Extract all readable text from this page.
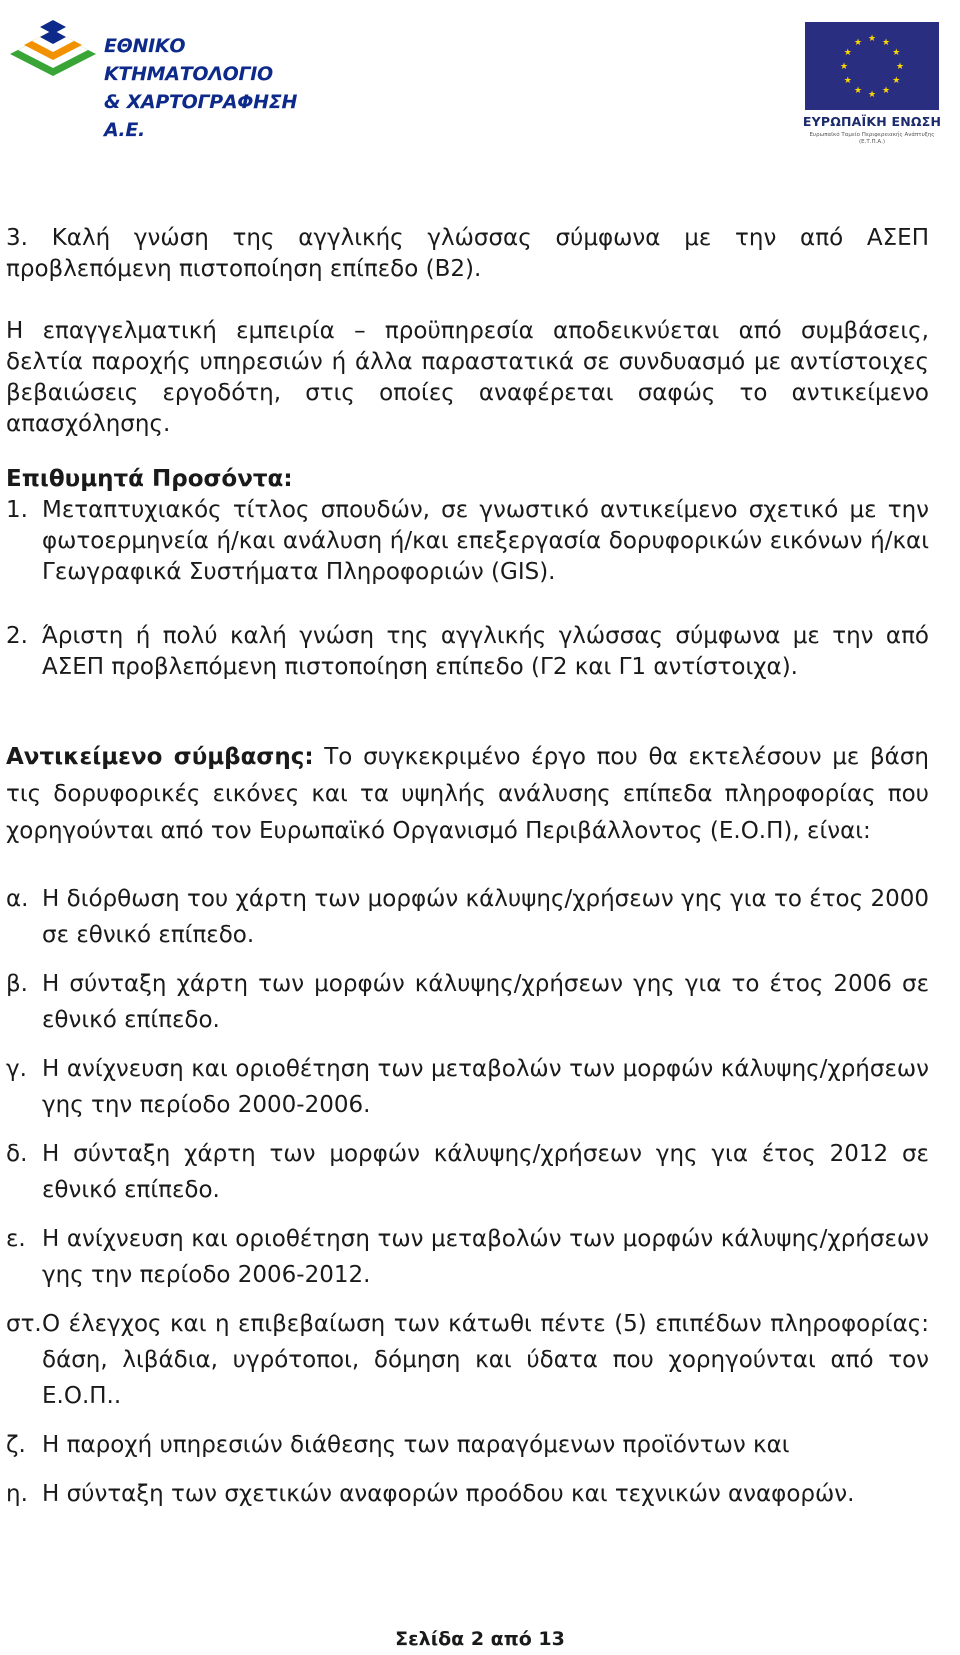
ΕΘΝΙΚΟ ΚΤΗΜΑΤΟΛΟΓΙΟ
& ΧΑΡΤΟΓΡΑΦΗΣΗ Α.Ε.
★ ★
★
★
★
★
★
★
★
★
★
★
ΕΥΡΩΠΑΪΚΗ ΕΝΩΣΗ
Ευρωπαϊκό Ταμείο Περιφερειακής Ανάπτυξης (Ε.Τ.Π.Α.)

3. Καλή γνώση της αγγλικής γλώσσας σύμφωνα με την από ΑΣΕΠ προβλεπόμενη πιστοποίηση επίπεδο (Β2).

Η επαγγελματική εμπειρία – προϋπηρεσία αποδεικνύεται από συμβάσεις, δελτία παροχής υπηρεσιών ή άλλα παραστατικά σε συνδυασμό με αντίστοιχες βεβαιώσεις εργοδότη, στις οποίες αναφέρεται σαφώς το αντικείμενο απασχόλησης.

Επιθυμητά Προσόντα:
1. Μεταπτυχιακός τίτλος σπουδών, σε γνωστικό αντικείμενο σχετικό με την φωτοερμηνεία ή/και ανάλυση ή/και επεξεργασία δορυφορικών εικόνων ή/και Γεωγραφικά Συστήματα Πληροφοριών (GIS).
2. Άριστη ή πολύ καλή γνώση της αγγλικής γλώσσας σύμφωνα με την από ΑΣΕΠ προβλεπόμενη πιστοποίηση επίπεδο (Γ2 και Γ1 αντίστοιχα).

Αντικείμενο σύμβασης: Το συγκεκριμένο έργο που θα εκτελέσουν με βάση τις δορυφορικές εικόνες και τα υψηλής ανάλυσης επίπεδα πληροφορίας που χορηγούνται από τον Ευρωπαϊκό Οργανισμό Περιβάλλοντος (Ε.Ο.Π), είναι:

α. Η διόρθωση του χάρτη των μορφών κάλυψης/χρήσεων γης για το έτος 2000 σε εθνικό επίπεδο.
β. Η σύνταξη χάρτη των μορφών κάλυψης/χρήσεων γης για το έτος 2006 σε εθνικό επίπεδο.
γ. Η ανίχνευση και οριοθέτηση των μεταβολών των μορφών κάλυψης/χρήσεων γης την περίοδο 2000-2006.
δ. Η σύνταξη χάρτη των μορφών κάλυψης/χρήσεων γης για έτος 2012 σε εθνικό επίπεδο.
ε. Η ανίχνευση και οριοθέτηση των μεταβολών των μορφών κάλυψης/χρήσεων γης την περίοδο 2006-2012.
στ. Ο έλεγχος και η επιβεβαίωση των κάτωθι πέντε (5) επιπέδων πληροφορίας: δάση, λιβάδια, υγρότοποι, δόμηση και ύδατα που χορηγούνται από τον Ε.Ο.Π..
ζ. Η παροχή υπηρεσιών διάθεσης των παραγόμενων προϊόντων και
η. Η σύνταξη των σχετικών αναφορών προόδου και τεχνικών αναφορών.
Σελίδα 2 από 13
